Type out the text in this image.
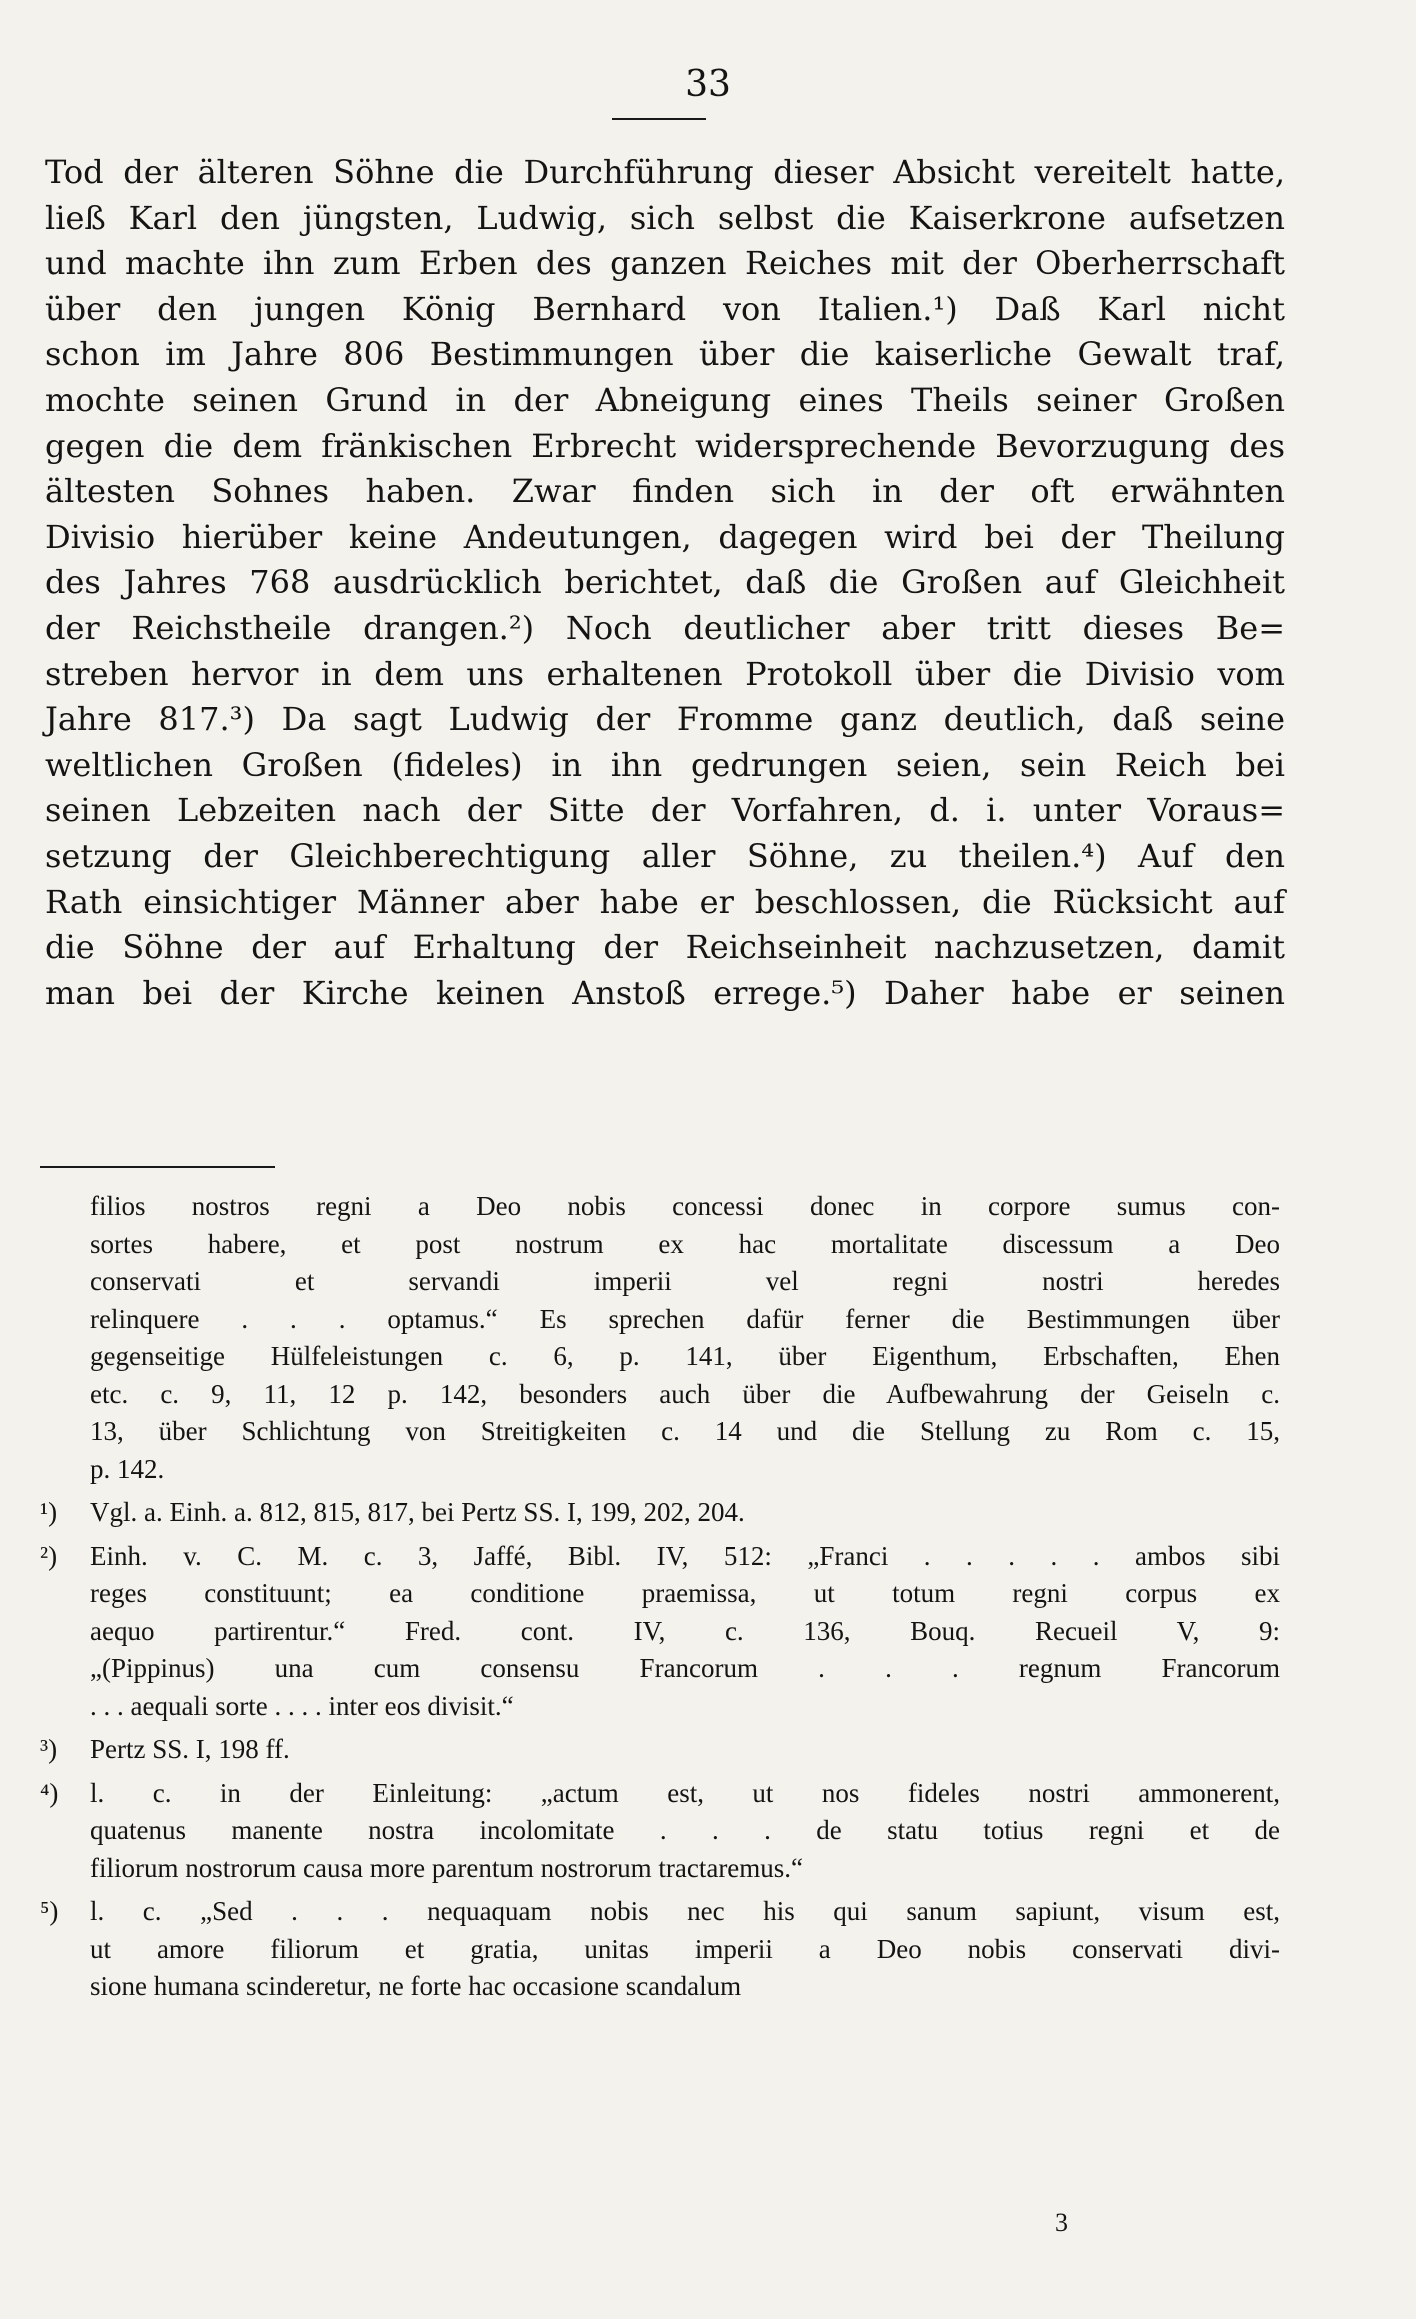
33
Tod der älteren Söhne die Durchführung dieser Absicht vereitelt hatte,
ließ Karl den jüngsten, Ludwig, sich selbst die Kaiserkrone aufsetzen
und machte ihn zum Erben des ganzen Reiches mit der Oberherrschaft
über den jungen König Bernhard von Italien.¹) Daß Karl nicht
schon im Jahre 806 Bestimmungen über die kaiserliche Gewalt traf,
mochte seinen Grund in der Abneigung eines Theils seiner Großen
gegen die dem fränkischen Erbrecht widersprechende Bevorzugung des
ältesten Sohnes haben. Zwar finden sich in der oft erwähnten
Divisio hierüber keine Andeutungen, dagegen wird bei der Theilung
des Jahres 768 ausdrücklich berichtet, daß die Großen auf Gleichheit
der Reichstheile drangen.²) Noch deutlicher aber tritt dieses Be=
streben hervor in dem uns erhaltenen Protokoll über die Divisio vom
Jahre 817.³) Da sagt Ludwig der Fromme ganz deutlich, daß seine
weltlichen Großen (fideles) in ihn gedrungen seien, sein Reich bei
seinen Lebzeiten nach der Sitte der Vorfahren, d. i. unter Voraus=
setzung der Gleichberechtigung aller Söhne, zu theilen.⁴) Auf den
Rath einsichtiger Männer aber habe er beschlossen, die Rücksicht auf
die Söhne der auf Erhaltung der Reichseinheit nachzusetzen, damit
man bei der Kirche keinen Anstoß errege.⁵) Daher habe er seinen
filios nostros regni a Deo nobis concessi donec in corpore sumus con-
sortes habere, et post nostrum ex hac mortalitate discessum a Deo
conservati et servandi imperii vel regni nostri heredes
relinquere . . . optamus.“ Es sprechen dafür ferner die Bestimmungen über
gegenseitige Hülfeleistungen c. 6, p. 141, über Eigenthum, Erbschaften, Ehen
etc. c. 9, 11, 12 p. 142, besonders auch über die Aufbewahrung der Geiseln c.
13, über Schlichtung von Streitigkeiten c. 14 und die Stellung zu Rom c. 15,
p. 142.
¹) Vgl. a. Einh. a. 812, 815, 817, bei Pertz SS. I, 199, 202, 204.
²) Einh. v. C. M. c. 3, Jaffé, Bibl. IV, 512: „Franci . . . . . ambos sibi
reges constituunt; ea conditione praemissa, ut totum regni corpus ex
aequo partirentur.“ Fred. cont. IV, c. 136, Bouq. Recueil V, 9:
„(Pippinus) una cum consensu Francorum . . . regnum Francorum
. . . aequali sorte . . . . inter eos divisit.“
³) Pertz SS. I, 198 ff.
⁴) l. c. in der Einleitung: „actum est, ut nos fideles nostri ammonerent,
quatenus manente nostra incolomitate . . . de statu totius regni et de
filiorum nostrorum causa more parentum nostrorum tractaremus.“
⁵) l. c. „Sed . . . nequaquam nobis nec his qui sanum sapiunt, visum est,
ut amore filiorum et gratia, unitas imperii a Deo nobis conservati divi-
sione humana scinderetur, ne forte hac occasione scandalum
3
